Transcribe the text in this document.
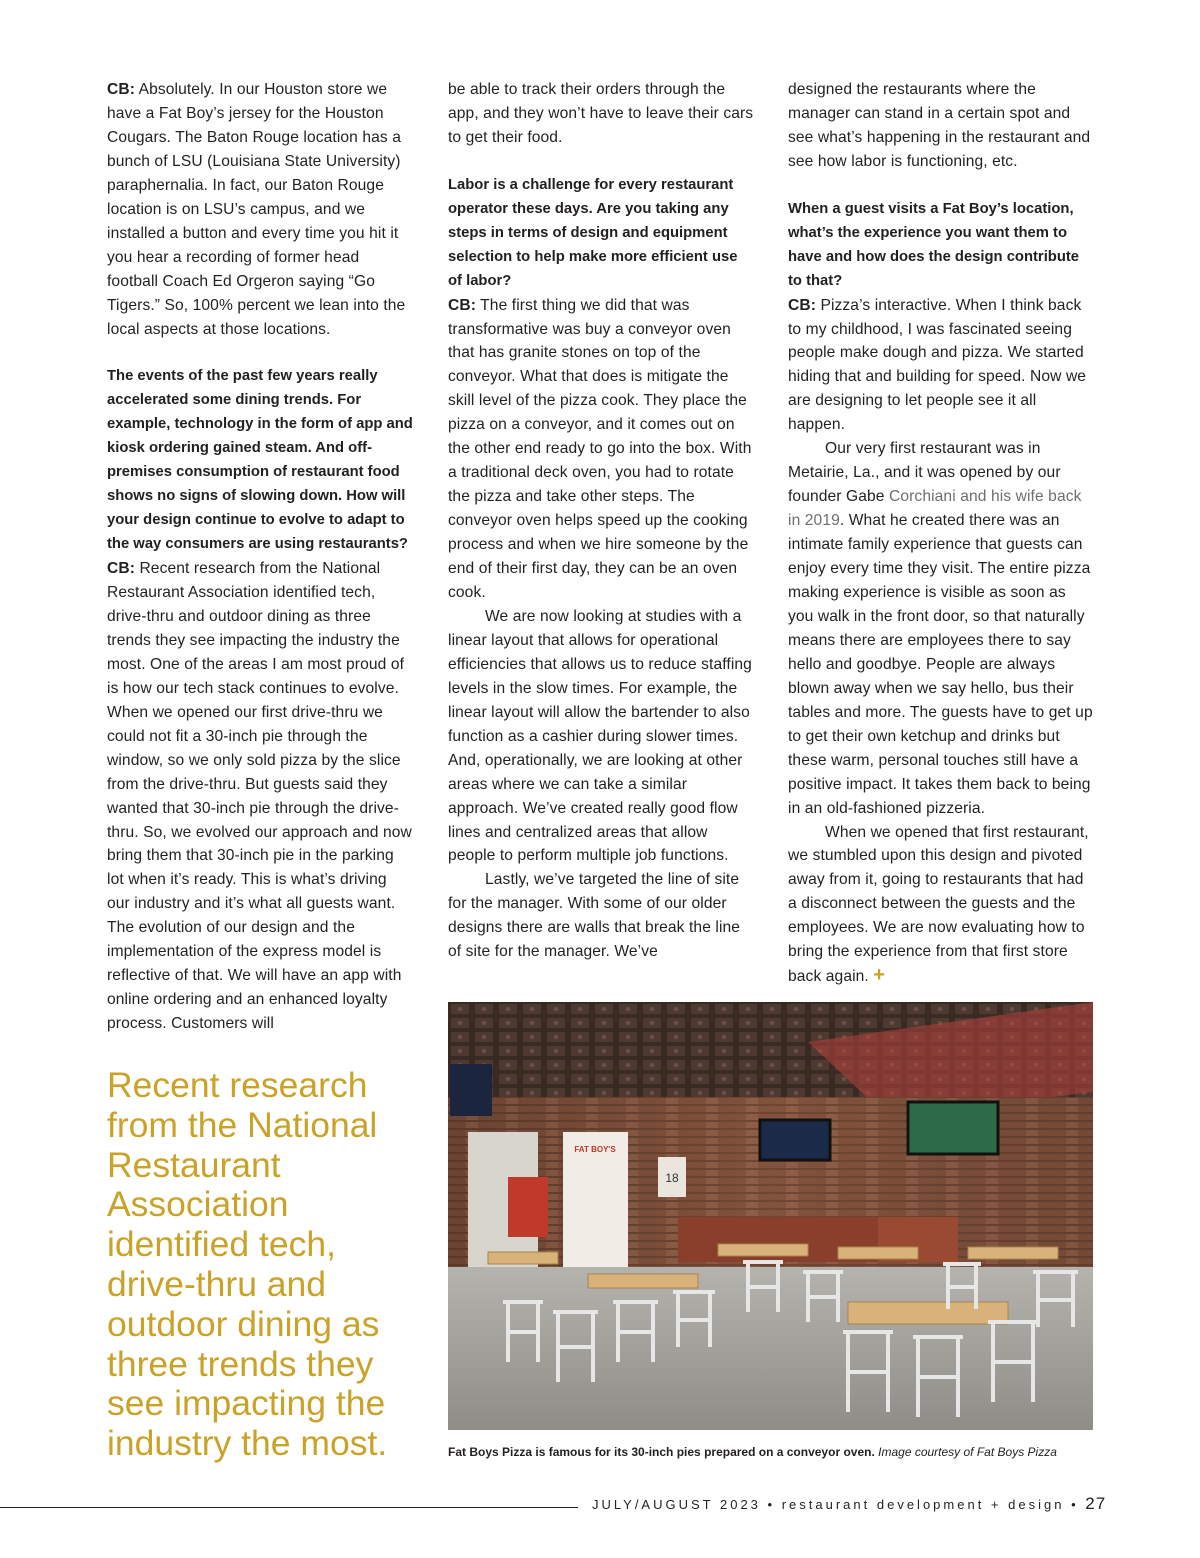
CB: Absolutely. In our Houston store we have a Fat Boy’s jersey for the Houston Cougars. The Baton Rouge location has a bunch of LSU (Louisiana State University) paraphernalia. In fact, our Baton Rouge location is on LSU’s campus, and we installed a button and every time you hit it you hear a recording of former head football Coach Ed Orgeron saying “Go Tigers.” So, 100% percent we lean into the local aspects at those locations.

The events of the past few years really accelerated some dining trends. For example, technology in the form of app and kiosk ordering gained steam. And off-premises consumption of restaurant food shows no signs of slowing down. How will your design continue to evolve to adapt to the way consumers are using restaurants?

CB: Recent research from the National Restaurant Association identified tech, drive-thru and outdoor dining as three trends they see impacting the industry the most. One of the areas I am most proud of is how our tech stack continues to evolve. When we opened our first drive-thru we could not fit a 30-inch pie through the window, so we only sold pizza by the slice from the drive-thru. But guests said they wanted that 30-inch pie through the drive-thru. So, we evolved our approach and now bring them that 30-inch pie in the parking lot when it’s ready. This is what’s driving our industry and it’s what all guests want. The evolution of our design and the implementation of the express model is reflective of that. We will have an app with online ordering and an enhanced loyalty process. Customers will

be able to track their orders through the app, and they won’t have to leave their cars to get their food.

Labor is a challenge for every restaurant operator these days. Are you taking any steps in terms of design and equipment selection to help make more efficient use of labor?

CB: The first thing we did that was transformative was buy a conveyor oven that has granite stones on top of the conveyor. What that does is mitigate the skill level of the pizza cook. They place the pizza on a conveyor, and it comes out on the other end ready to go into the box. With a traditional deck oven, you had to rotate the pizza and take other steps. The conveyor oven helps speed up the cooking process and when we hire someone by the end of their first day, they can be an oven cook.

We are now looking at studies with a linear layout that allows for operational efficiencies that allows us to reduce staffing levels in the slow times. For example, the linear layout will allow the bartender to also function as a cashier during slower times. And, operationally, we are looking at other areas where we can take a similar approach. We’ve created really good flow lines and centralized areas that allow people to perform multiple job functions.

Lastly, we’ve targeted the line of site for the manager. With some of our older designs there are walls that break the line of site for the manager. We’ve

designed the restaurants where the manager can stand in a certain spot and see what’s happening in the restaurant and see how labor is functioning, etc.

When a guest visits a Fat Boy’s location, what’s the experience you want them to have and how does the design contribute to that?

CB: Pizza’s interactive. When I think back to my childhood, I was fascinated seeing people make dough and pizza. We started hiding that and building for speed. Now we are designing to let people see it all happen.

Our very first restaurant was in Metairie, La., and it was opened by our founder Gabe Corchiani and his wife back in 2019. What he created there was an intimate family experience that guests can enjoy every time they visit. The entire pizza making experience is visible as soon as you walk in the front door, so that naturally means there are employees there to say hello and goodbye. People are always blown away when we say hello, bus their tables and more. The guests have to get up to get their own ketchup and drinks but these warm, personal touches still have a positive impact. It takes them back to being in an old-fashioned pizzeria.

When we opened that first restaurant, we stumbled upon this design and pivoted away from it, going to restaurants that had a disconnect between the guests and the employees. We are now evaluating how to bring the experience from that first store back again. +

Recent research from the National Restaurant Association identified tech, drive-thru and outdoor dining as three trends they see impacting the industry the most.

FAT BOY'S
18
Fat Boys Pizza is famous for its 30-inch pies prepared on a conveyor oven. Image courtesy of Fat Boys Pizza
JULY/AUGUST 2023 • restaurant development + design • 27
